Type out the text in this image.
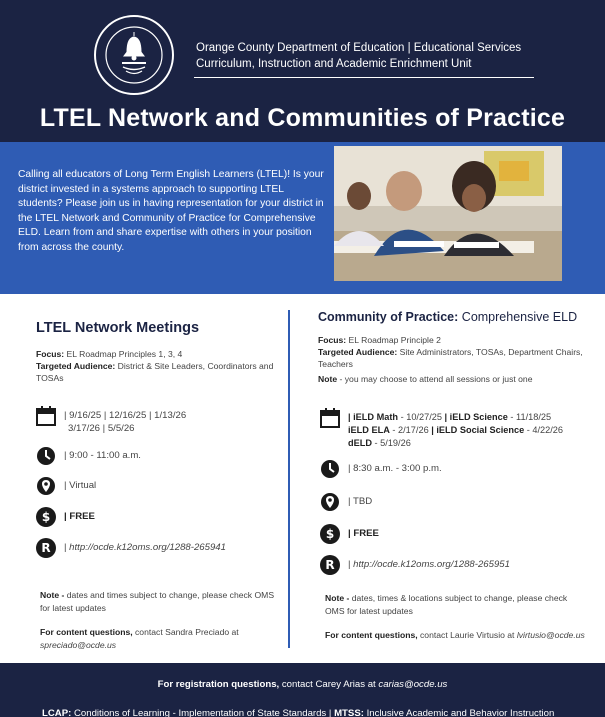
Orange County Department of Education | Educational Services
Curriculum, Instruction and Academic Enrichment Unit
LTEL Network and Communities of Practice
Calling all educators of Long Term English Learners (LTEL)! Is your district invested in a systems approach to supporting LTEL students? Please join us in having representation for your district in the LTEL Network and Community of Practice for Comprehensive ELD. Learn from and share expertise with others in your position from across the county.
LTEL Network Meetings
Focus: EL Roadmap Principles 1, 3, 4
Targeted Audience: District & Site Leaders, Coordinators and TOSAs
| 9/16/25 | 12/16/25 | 1/13/26
3/17/26 | 5/5/26
| 9:00 - 11:00 a.m.
| Virtual
$	| FREE
R	| http://ocde.k12oms.org/1288-265941
Note - dates and times subject to change, please check OMS for latest updates
For content questions, contact Sandra Preciado at spreciado@ocde.us
Community of Practice: Comprehensive ELD
Focus: EL Roadmap Principle 2
Targeted Audience: Site Administrators, TOSAs, Department Chairs, Teachers
Note - you may choose to attend all sessions or just one
| iELD Math - 10/27/25 | iELD Science - 11/18/25
iELD ELA - 2/17/26 | iELD Social Science - 4/22/26
dELD - 5/19/26
| 8:30 a.m. - 3:00 p.m.
| TBD
$	| FREE
R	| http://ocde.k12oms.org/1288-265951
Note - dates, times & locations subject to change, please check OMS for latest updates
For content questions, contact Laurie Virtusio at lvirtusio@ocde.us
For registration questions, contact Carey Arias at carias@ocde.us
LCAP: Conditions of Learning - Implementation of State Standards | MTSS: Inclusive Academic and Behavior Instruction
